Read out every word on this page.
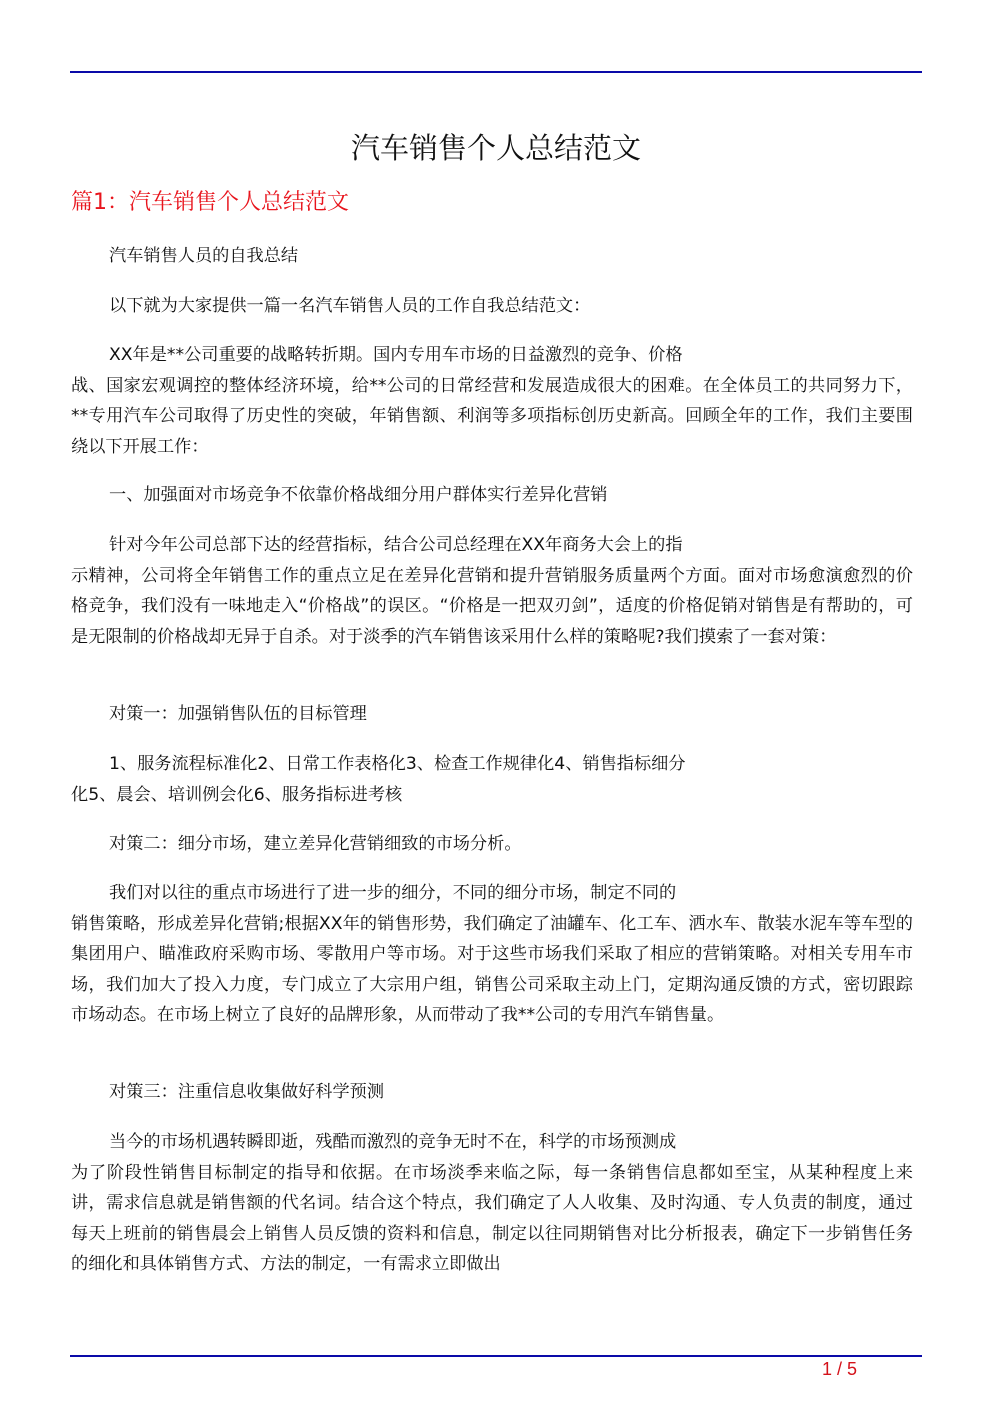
汽车销售个人总结范文
篇1：汽车销售个人总结范文

汽车销售人员的自我总结

以下就为大家提供一篇一名汽车销售人员的工作自我总结范文：

XX年是**公司重要的战略转折期。国内专用车市场的日益激烈的竞争、价格
战、国家宏观调控的整体经济环境，给**公司的日常经营和发展造成很大的困难。在全体员工的共同努力下，**专用汽车公司取得了历史性的突破，年销售额、利润等多项指标创历史新高。回顾全年的工作，我们主要围绕以下开展工作：

一、加强面对市场竞争不依靠价格战细分用户群体实行差异化营销

针对今年公司总部下达的经营指标，结合公司总经理在XX年商务大会上的指
示精神，公司将全年销售工作的重点立足在差异化营销和提升营销服务质量两个方面。面对市场愈演愈烈的价格竞争，我们没有一味地走入“价格战”的误区。“价格是一把双刃剑”，适度的价格促销对销售是有帮助的，可是无限制的价格战却无异于自杀。对于淡季的汽车销售该采用什么样的策略呢?我们摸索了一套对策：

对策一：加强销售队伍的目标管理

1、服务流程标准化2、日常工作表格化3、检查工作规律化4、销售指标细分
化5、晨会、培训例会化6、服务指标进考核

对策二：细分市场，建立差异化营销细致的市场分析。

我们对以往的重点市场进行了进一步的细分，不同的细分市场，制定不同的
销售策略，形成差异化营销;根据XX年的销售形势，我们确定了油罐车、化工车、洒水车、散装水泥车等车型的集团用户、瞄准政府采购市场、零散用户等市场。对于这些市场我们采取了相应的营销策略。对相关专用车市场，我们加大了投入力度，专门成立了大宗用户组，销售公司采取主动上门，定期沟通反馈的方式，密切跟踪市场动态。在市场上树立了良好的品牌形象，从而带动了我**公司的专用汽车销售量。

对策三：注重信息收集做好科学预测

当今的市场机遇转瞬即逝，残酷而激烈的竞争无时不在，科学的市场预测成
为了阶段性销售目标制定的指导和依据。在市场淡季来临之际，每一条销售信息都如至宝，从某种程度上来讲，需求信息就是销售额的代名词。结合这个特点，我们确定了人人收集、及时沟通、专人负责的制度，通过每天上班前的销售晨会上销售人员反馈的资料和信息，制定以往同期销售对比分析报表，确定下一步销售任务的细化和具体销售方式、方法的制定，一有需求立即做出
1 / 5
